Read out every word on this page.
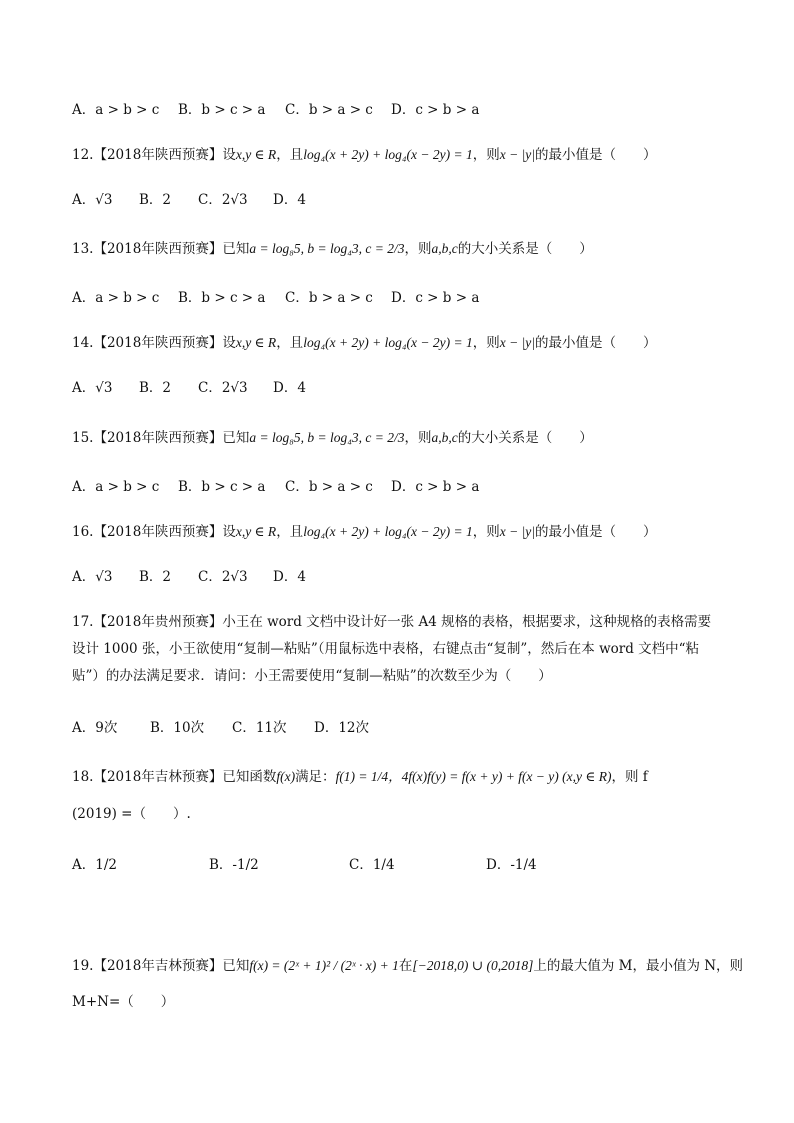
A．a > b > c B．b > c > a C．b > a > c D．c > b > a
12.【2018年陕西预赛】设x,y ∈ R，且log₄(x + 2y) + log₄(x − 2y) = 1，则x − |y|的最小值是（　　）
A．√3 B．2 C．2√3 D．4
13.【2018年陕西预赛】已知a = log₈5, b = log₄3, c = 2/3，则a,b,c的大小关系是（　　）
A．a > b > c B．b > c > a C．b > a > c D．c > b > a
14.【2018年陕西预赛】设x,y ∈ R，且log₄(x + 2y) + log₄(x − 2y) = 1，则x − |y|的最小值是（　　）
A．√3 B．2 C．2√3 D．4
15.【2018年陕西预赛】已知a = log₈5, b = log₄3, c = 2/3，则a,b,c的大小关系是（　　）
A．a > b > c B．b > c > a C．b > a > c D．c > b > a
16.【2018年陕西预赛】设x,y ∈ R，且log₄(x + 2y) + log₄(x − 2y) = 1，则x − |y|的最小值是（　　）
A．√3 B．2 C．2√3 D．4
17.【2018年贵州预赛】小王在 word 文档中设计好一张 A4 规格的表格，根据要求，这种规格的表格需要
设计 1000 张，小王欲使用“复制—粘贴”（用鼠标选中表格，右键点击“复制”，然后在本 word 文档中“粘
贴”）的办法满足要求．请问：小王需要使用“复制—粘贴”的次数至少为（　　）
A．9次 B．10次 C．11次 D．12次
18.【2018年吉林预赛】已知函数f(x)满足：f(1) = 1/4，4f(x)f(y) = f(x + y) + f(x − y) (x,y ∈ R)，则 f
(2019) =（　　）.
A．1/2	B．-1/2	C．1/4	D．-1/4
19.【2018年吉林预赛】已知f(x) = (2ˣ + 1)² / (2ˣ · x) + 1在[−2018,0) ∪ (0,2018]上的最大值为 M，最小值为 N，则
M+N=（　　）
